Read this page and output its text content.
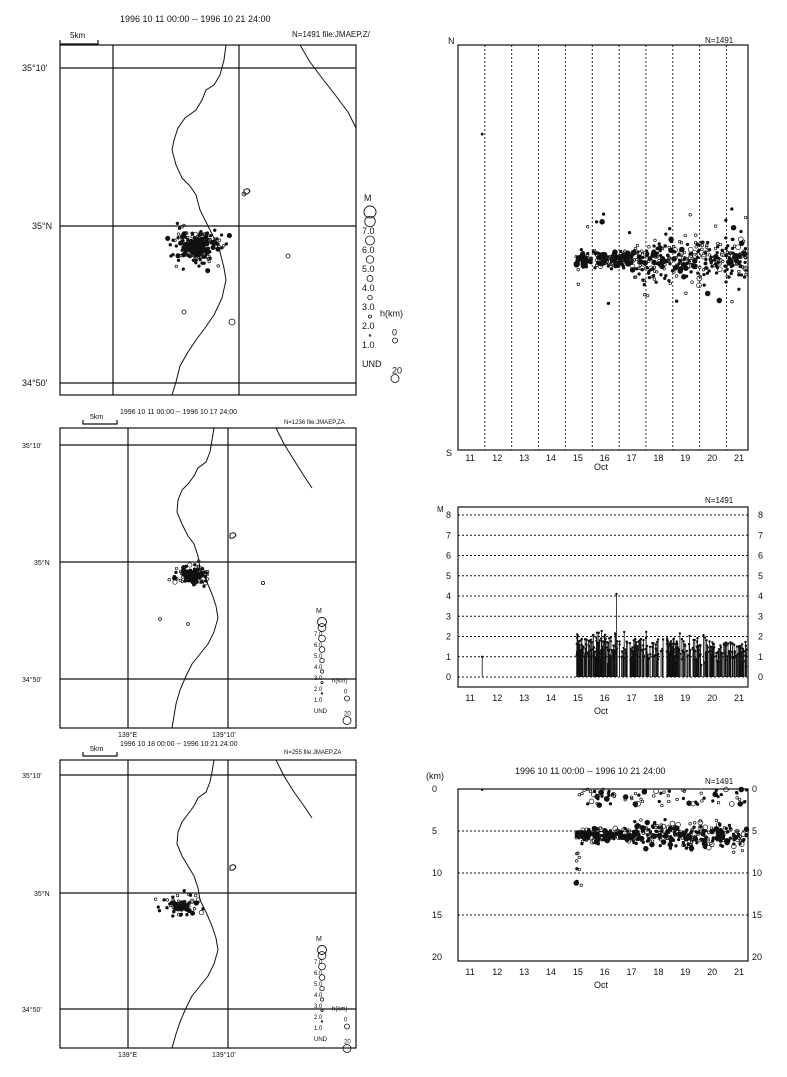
1996 10 11 00:00 -- 1996 10 21 24:00
N=1491 file:JMAEP,Z/
5km
35°10'
35°N
34°50'
M
7.0
6.0
5.0
4.0
3.0
2.0
1.0
UND
h(km)
0
20
1996 10 11 00:00 -- 1996 10 17 24:00
N=1236 file:JMAEP,ZA
5km
35°10'
35°N
34°50'
139°E	139°10'
M
7.0
6.0
5.0
4.0
3.0
2.0
1.0
UND
h(km)
0
20
1996 10 18 00:00 -- 1996 10 21 24:00
N=255 file:JMAEP,ZA
5km
35°10'
35°N
34°50'
139°E	139°10'
M
7.0
6.0
5.0
4.0
3.0
2.0
1.0
UND
h(km)
0
20
N=1491
N
S 11 12 13 14 15 16 17 18 19 20 21
Oct
N=1491
M
0	0
1	1
2	2
3	3
4	4
5	5
6	6
7	7
8	8
11 12 13 14 15 16 17 18 19 20 21
Oct
1996 10 11 00:00 -- 1996 10 21 24:00
N=1491
(km)
0	0
5	5
10	10
15	15
20	20
11 12 13 14 15 16 17 18 19 20 21
Oct
